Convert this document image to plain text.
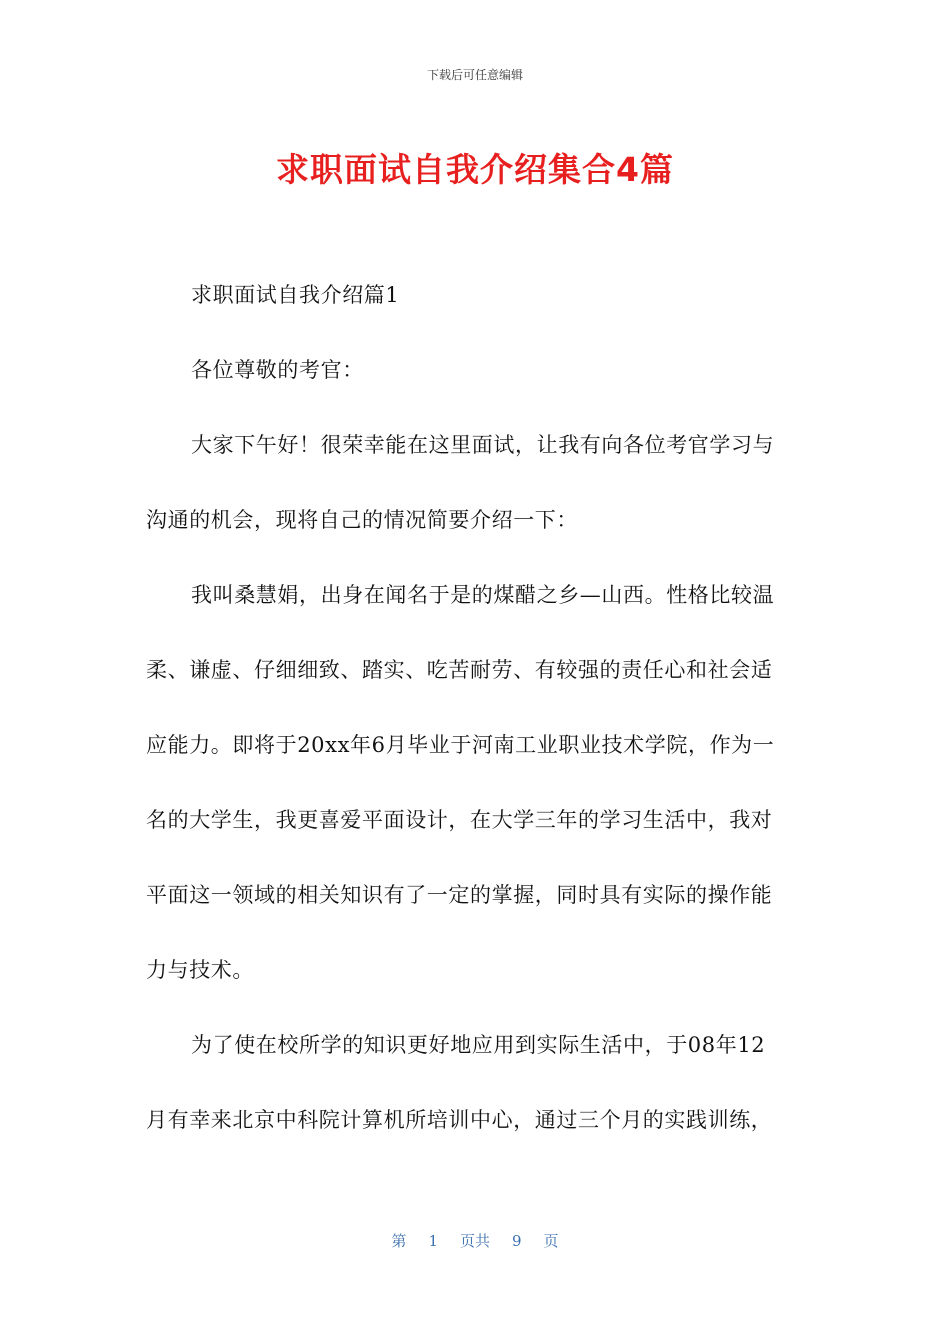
下载后可任意编辑
求职面试自我介绍集合4篇
求职面试自我介绍篇1
各位尊敬的考官：
大家下午好！很荣幸能在这里面试，让我有向各位考官学习与
沟通的机会，现将自己的情况简要介绍一下：
我叫桑慧娟，出身在闻名于是的煤醋之乡—山西。性格比较温
柔、谦虚、仔细细致、踏实、吃苦耐劳、有较强的责任心和社会适
应能力。即将于20xx年6月毕业于河南工业职业技术学院，作为一
名的大学生，我更喜爱平面设计，在大学三年的学习生活中，我对
平面这一领域的相关知识有了一定的掌握，同时具有实际的操作能
力与技术。
为了使在校所学的知识更好地应用到实际生活中，于08年12
月有幸来北京中科院计算机所培训中心，通过三个月的实践训练，
第 1 页共 9 页
